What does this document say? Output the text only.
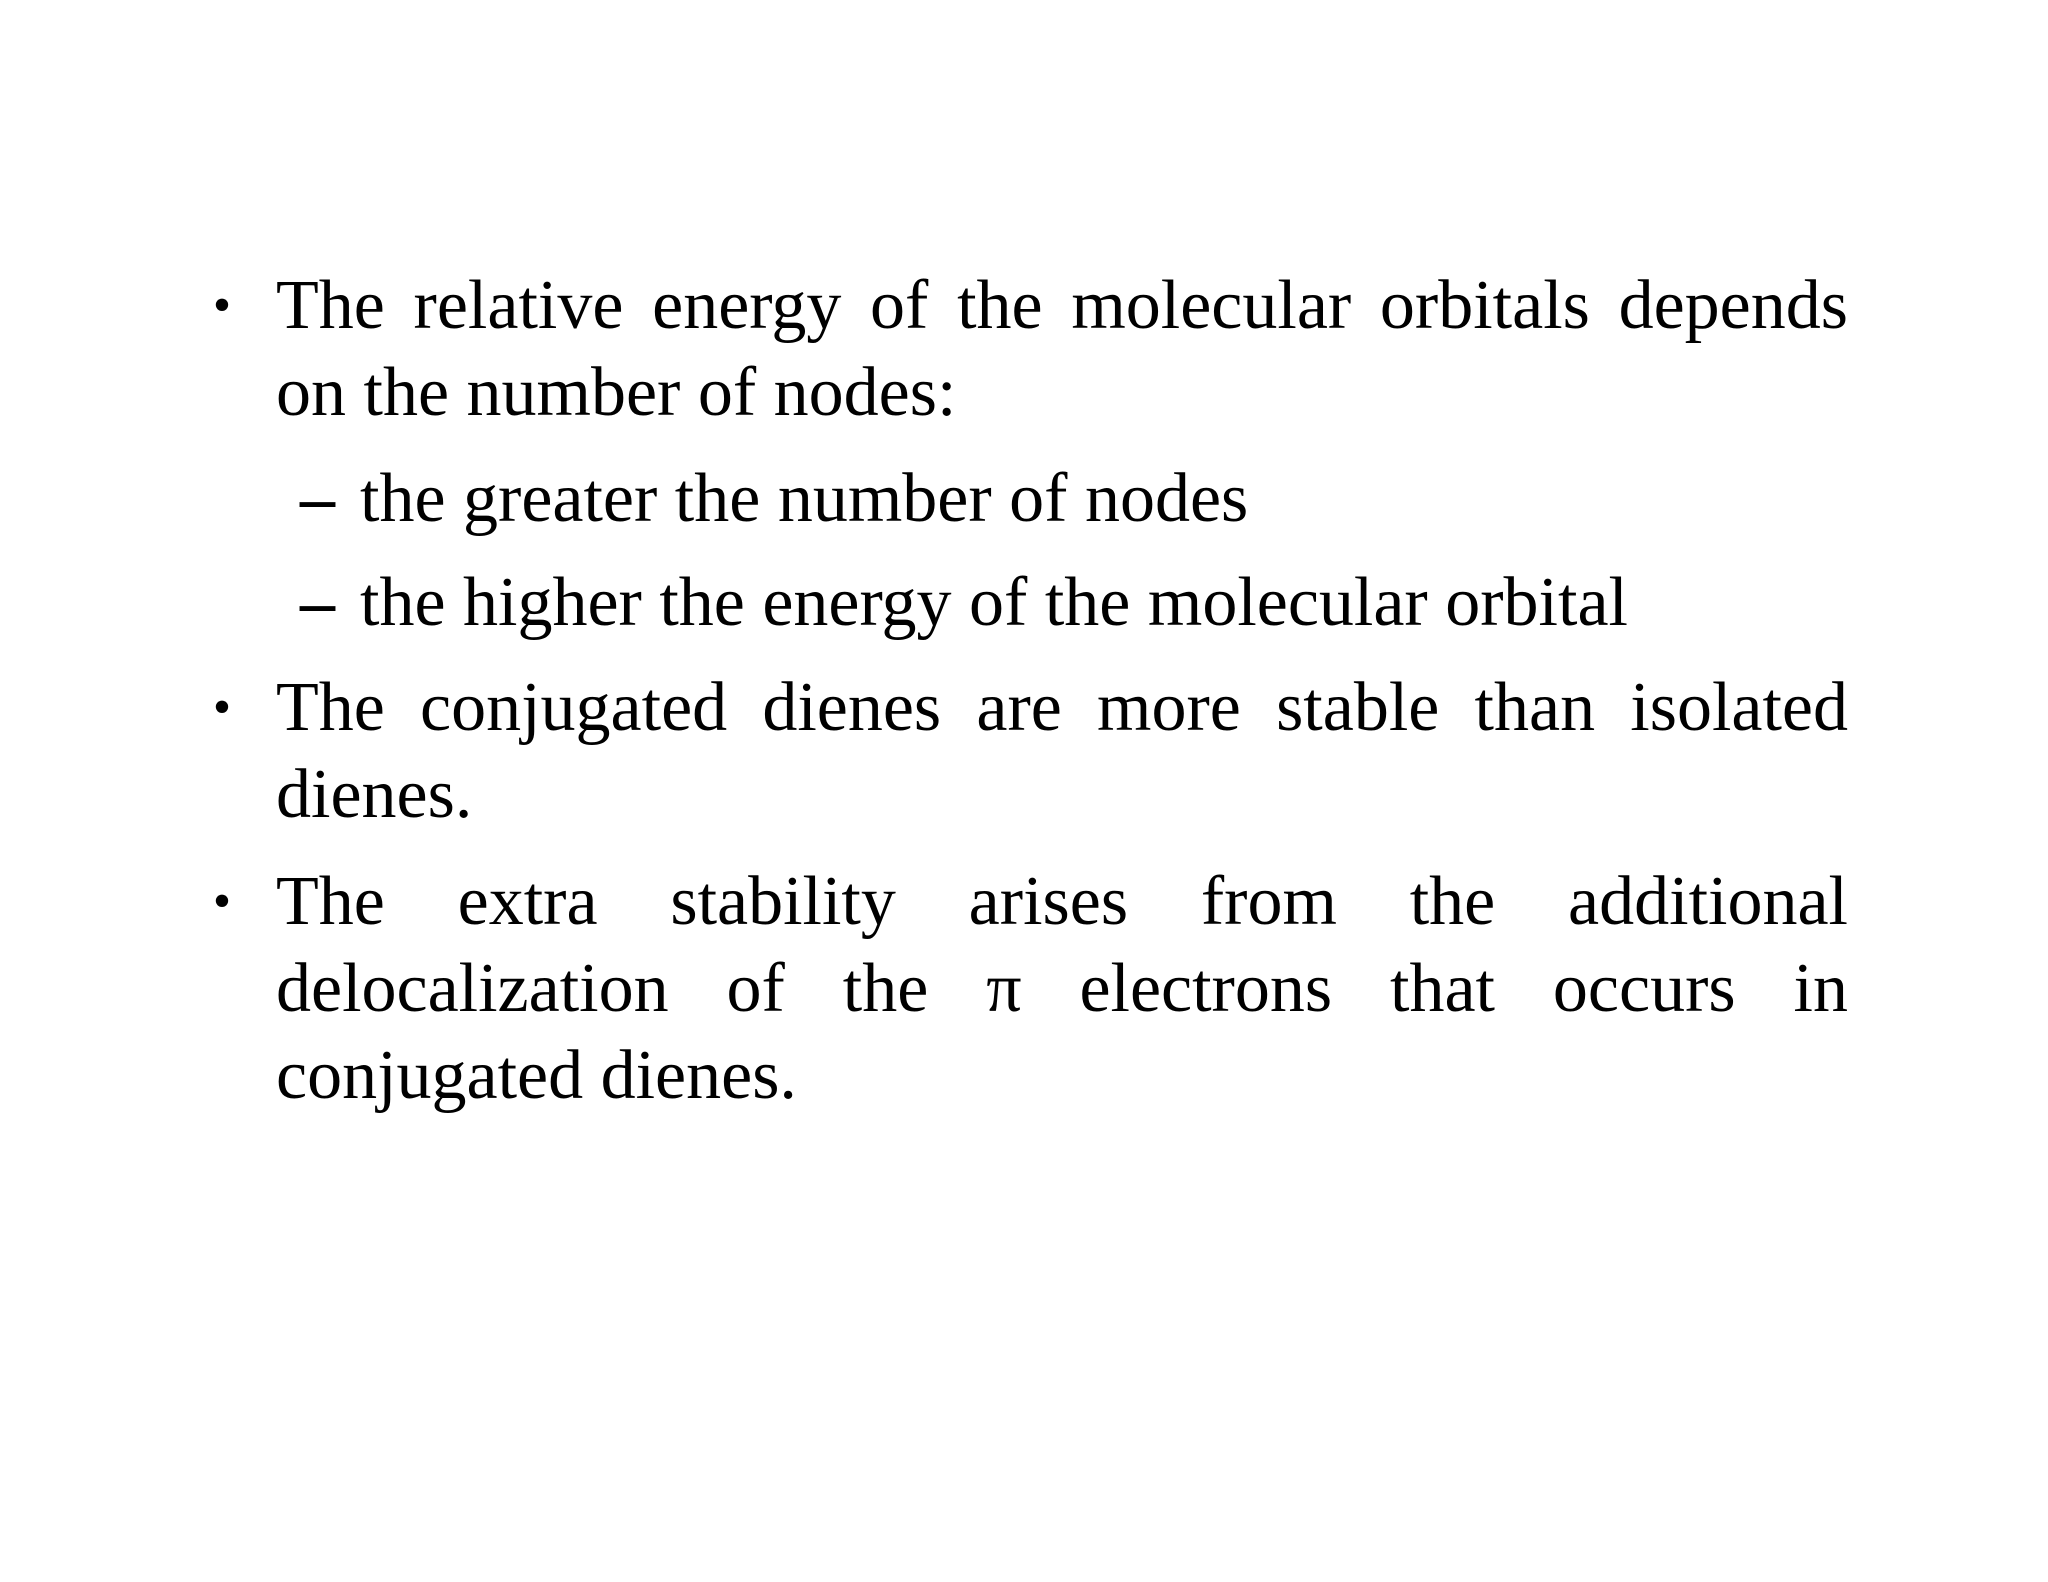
• The relative energy of the molecular orbitals depends on the number of nodes:
– the greater the number of nodes
– the higher the energy of the molecular orbital
• The conjugated dienes are more stable than isolated dienes.
• The extra stability arises from the additional delocalization of the π electrons that occurs in conjugated dienes.
